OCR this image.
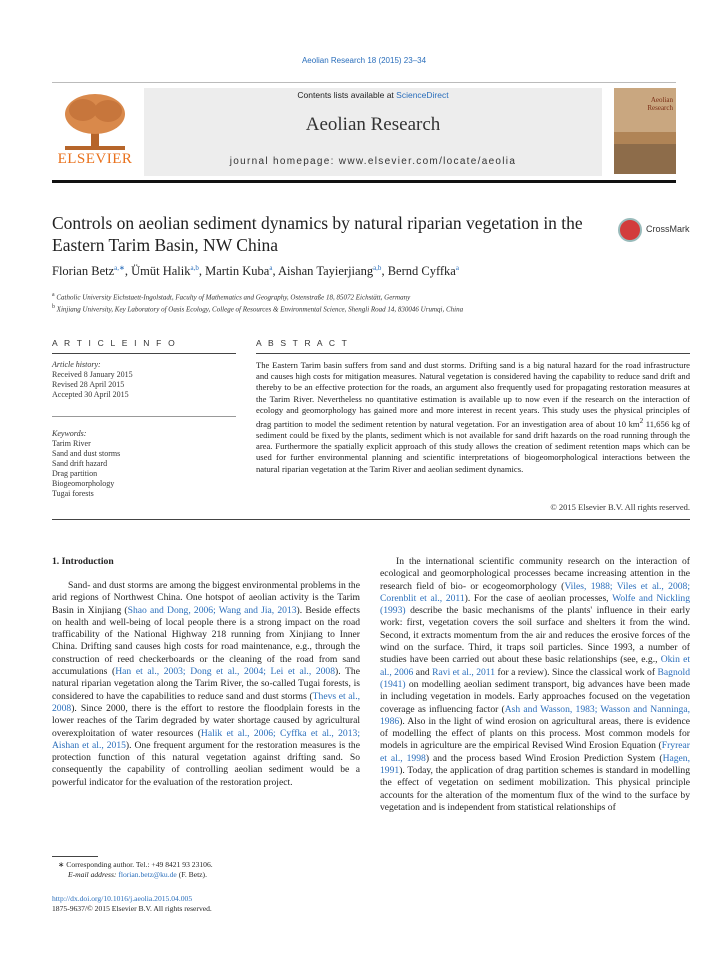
Aeolian Research 18 (2015) 23–34
Contents lists available at ScienceDirect
Aeolian Research
journal homepage: www.elsevier.com/locate/aeolia
ELSEVIER
Aeolian Research
Controls on aeolian sediment dynamics by natural riparian vegetation in the Eastern Tarim Basin, NW China
CrossMark
Florian Betz$^{a,∗}$, Ümüt Halik$^{a,b}$, Martin Kuba$^a$, Aishan Tayierjiang$^{a,b}$, Bernd Cyffka$^a$
$^a$ Catholic University Eichstaett-Ingolstadt, Faculty of Mathematics and Geography, Ostenstraße 18, 85072 Eichstätt, Germany
$^b$ Xinjiang University, Key Laboratory of Oasis Ecology, College of Resources & Environmental Science, Shengli Road 14, 830046 Urumqi, China
A R T I C L E I N F O
Article history:
Received 8 January 2015
Revised 28 April 2015
Accepted 30 April 2015
Keywords:
Tarim River
Sand and dust storms
Sand drift hazard
Drag partition
Biogeomorphology
Tugai forests
A B S T R A C T
The Eastern Tarim basin suffers from sand and dust storms. Drifting sand is a big natural hazard for the road infrastructure and causes high costs for mitigation measures. Natural vegetation is considered having the capability to reduce sand drift and thereby to be an effective protection for the roads, an argument also frequently used for propagating restoration measures at the Tarim River. Nevertheless no quantitative estimation is available up to now even if the research on the interaction of ecology and geomorphology has gained more and more interest in recent years. This study uses the physical principles of drag partition to model the sediment retention by natural vegetation. For an investigation area of about 10 $km^2$ 11,656 kg of sediment could be fixed by the plants, sediment which is not available for sand drift hazards on the road running through the area. Furthermore the spatially explicit approach of this study allows the creation of sediment retention maps which can be used for further environmental planning and scientific interpretations of biogeomorphological interactions between the natural riparian vegetation at the Tarim River and aeolian sediment dynamics.
© 2015 Elsevier B.V. All rights reserved.
1. Introduction

Sand- and dust storms are among the biggest environmental problems in the arid regions of Northwest China. One hotspot of aeolian activity is the Tarim Basin in Xinjiang (Shao and Dong, 2006; Wang and Jia, 2013). Beside effects on health and well-being of local people there is a strong impact on the road trafficability of the National Highway 218 running from Xinjiang to Inner China. Drifting sand causes high costs for road maintenance, e.g., through the construction of reed checkerboards or the cleaning of the road from sand accumulations (Han et al., 2003; Dong et al., 2004; Lei et al., 2008). The natural riparian vegetation along the Tarim River, the so-called Tugai forests, is considered to have the capabilities to reduce sand and dust storms (Thevs et al., 2008). Since 2000, there is the effort to restore the floodplain forests in the lower reaches of the Tarim degraded by water shortage caused by agricultural overexploitation of water resources (Halik et al., 2006; Cyffka et al., 2013; Aishan et al., 2015). One frequent argument for the restoration measures is the protection function of this natural vegetation against drifting sand. So consequently the capability of controlling aeolian sediment would be a powerful indicator for the evaluation of the restoration project.

In the international scientific community research on the interaction of ecological and geomorphological processes became increasing attention in the research field of bio- or ecogeomorphology (Viles, 1988; Viles et al., 2008; Corenblit et al., 2011). For the case of aeolian processes, Wolfe and Nickling (1993) describe the basic mechanisms of the plants' influence in their early work: first, vegetation covers the soil surface and shelters it from the wind. Second, it extracts momentum from the air and reduces the erosive forces of the wind on the surface. Third, it traps soil particles. Since 1993, a number of studies have been carried out about these basic relationships (see, e.g., Okin et al., 2006 and Ravi et al., 2011 for a review). Since the classical work of Bagnold (1941) on modelling aeolian sediment transport, big advances have been made in including vegetation in models. Early approaches focused on the vegetation coverage as influencing factor (Ash and Wasson, 1983; Wasson and Nanninga, 1986). Also in the light of wind erosion on agricultural areas, there is evidence of modelling the effect of plants on this process. Most common models for models in agriculture are the empirical Revised Wind Erosion Equation (Fryrear et al., 1998) and the process based Wind Erosion Prediction System (Hagen, 1991). Today, the application of drag partition schemes is standard in modelling the effect of vegetation on sediment mobilization. This physical principle accounts for the alteration of the momentum flux of the wind to the surface by vegetation and is independent from statistical relationships of

∗ Corresponding author. Tel.: +49 8421 93 23106.
E-mail address: florian.betz@ku.de (F. Betz).
http://dx.doi.org/10.1016/j.aeolia.2015.04.005
1875-9637/© 2015 Elsevier B.V. All rights reserved.
